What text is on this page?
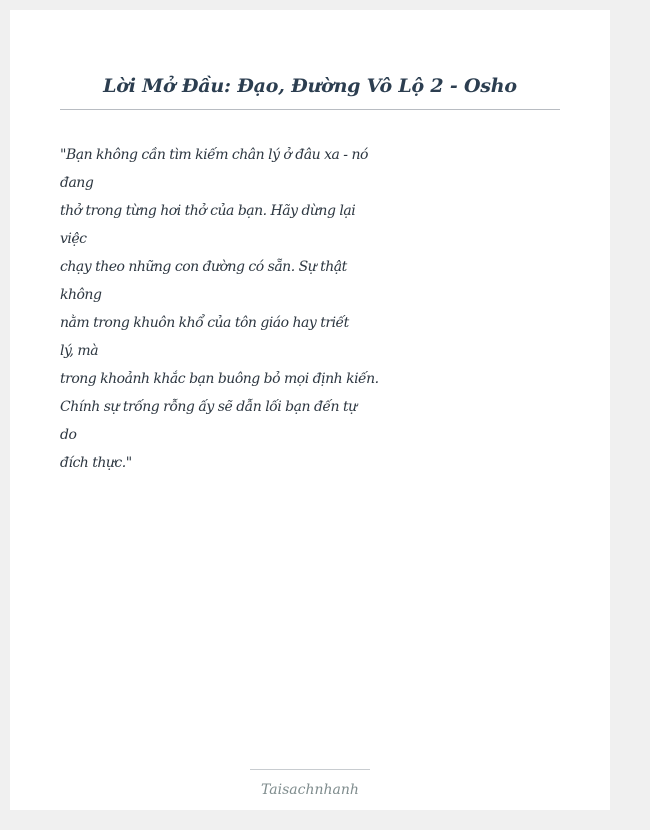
Lời Mở Đầu: Đạo, Đường Vô Lộ 2 - Osho
"Bạn không cần tìm kiếm chân lý ở đâu xa - nó
đang
thở trong từng hơi thở của bạn. Hãy dừng lại
việc
chạy theo những con đường có sẵn. Sự thật
không
nằm trong khuôn khổ của tôn giáo hay triết
lý, mà
trong khoảnh khắc bạn buông bỏ mọi định kiến.
Chính sự trống rỗng ấy sẽ dẫn lối bạn đến tự
do
đích thực."
Taisachnhanh
